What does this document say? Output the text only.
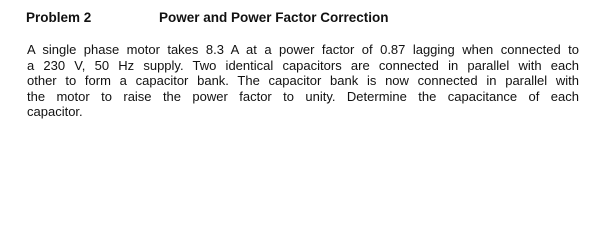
Problem 2	Power and Power Factor Correction
A single phase motor takes 8.3 A at a power factor of 0.87 lagging when connected to
a 230 V, 50 Hz supply. Two identical capacitors are connected in parallel with each
other to form a capacitor bank. The capacitor bank is now connected in parallel with
the motor to raise the power factor to unity. Determine the capacitance of each
capacitor.
